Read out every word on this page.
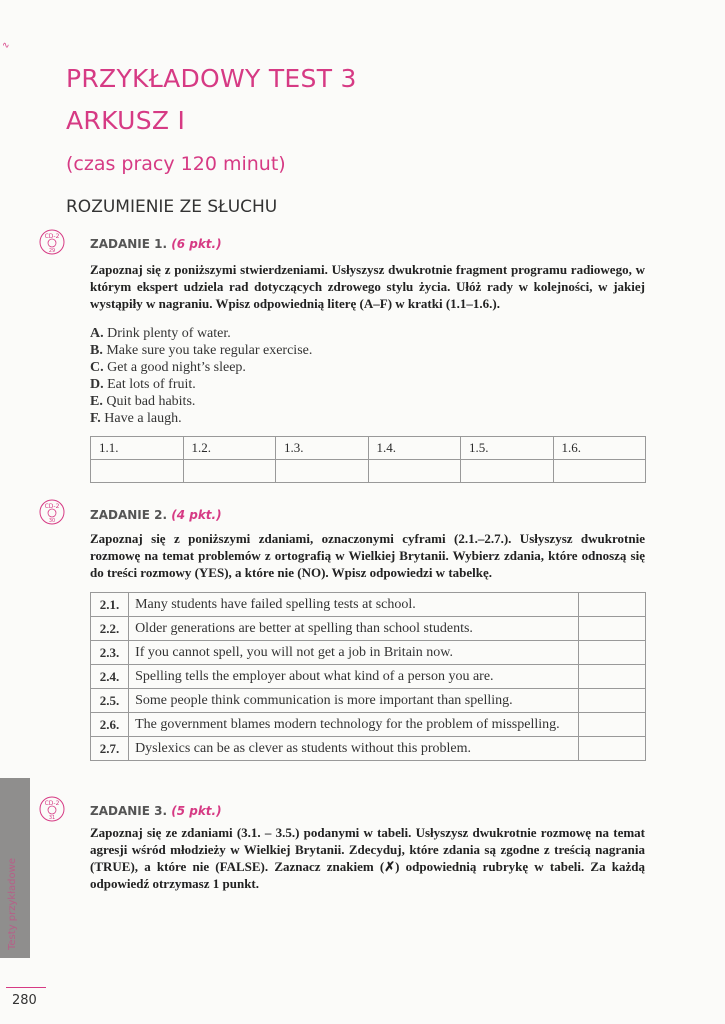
∿
PRZYKŁADOWY TEST 3
ARKUSZ I
(czas pracy 120 minut)
ROZUMIENIE ZE SŁUCHU
CD-2
29	ZADANIE 1. (6 pkt.)
Zapoznaj się z poniższymi stwierdzeniami. Usłyszysz dwukrotnie fragment programu radiowego, w którym ekspert udziela rad dotyczących zdrowego stylu życia. Ułóż rady w kolejności, w jakiej wystąpiły w nagraniu. Wpisz odpowiednią literę (A–F) w kratki (1.1–1.6.).
A. Drink plenty of water.
B. Make sure you take regular exercise.
C. Get a good night’s sleep.
D. Eat lots of fruit.
E. Quit bad habits.
F. Have a laugh.
1.1.	1.2.	1.3.	1.4.	1.5.	1.6.

CD-2
30	ZADANIE 2. (4 pkt.)
Zapoznaj się z poniższymi zdaniami, oznaczonymi cyframi (2.1.–2.7.). Usłyszysz dwukrotnie rozmowę na temat problemów z ortografią w Wielkiej Brytanii. Wybierz zdania, które odnoszą się do treści rozmowy (YES), a które nie (NO). Wpisz odpowiedzi w tabelkę.
2.1.	Many students have failed spelling tests at school.	
2.2.	Older generations are better at spelling than school students.	
2.3.	If you cannot spell, you will not get a job in Britain now.	
2.4.	Spelling tells the employer about what kind of a person you are.	
2.5.	Some people think communication is more important than spelling.	
2.6.	The government blames modern technology for the problem of misspelling.	
2.7.	Dyslexics can be as clever as students without this problem.	
CD-2
31	ZADANIE 3. (5 pkt.)
Zapoznaj się ze zdaniami (3.1. – 3.5.) podanymi w tabeli. Usłyszysz dwukrotnie rozmowę na temat agresji wśród młodzieży w Wielkiej Brytanii. Zdecyduj, które zdania są zgodne z treścią nagrania (TRUE), a które nie (FALSE). Zaznacz znakiem (✗) odpowiednią rubrykę w tabeli. Za każdą odpowiedź otrzymasz 1 punkt.
Testy przykładowe
280
